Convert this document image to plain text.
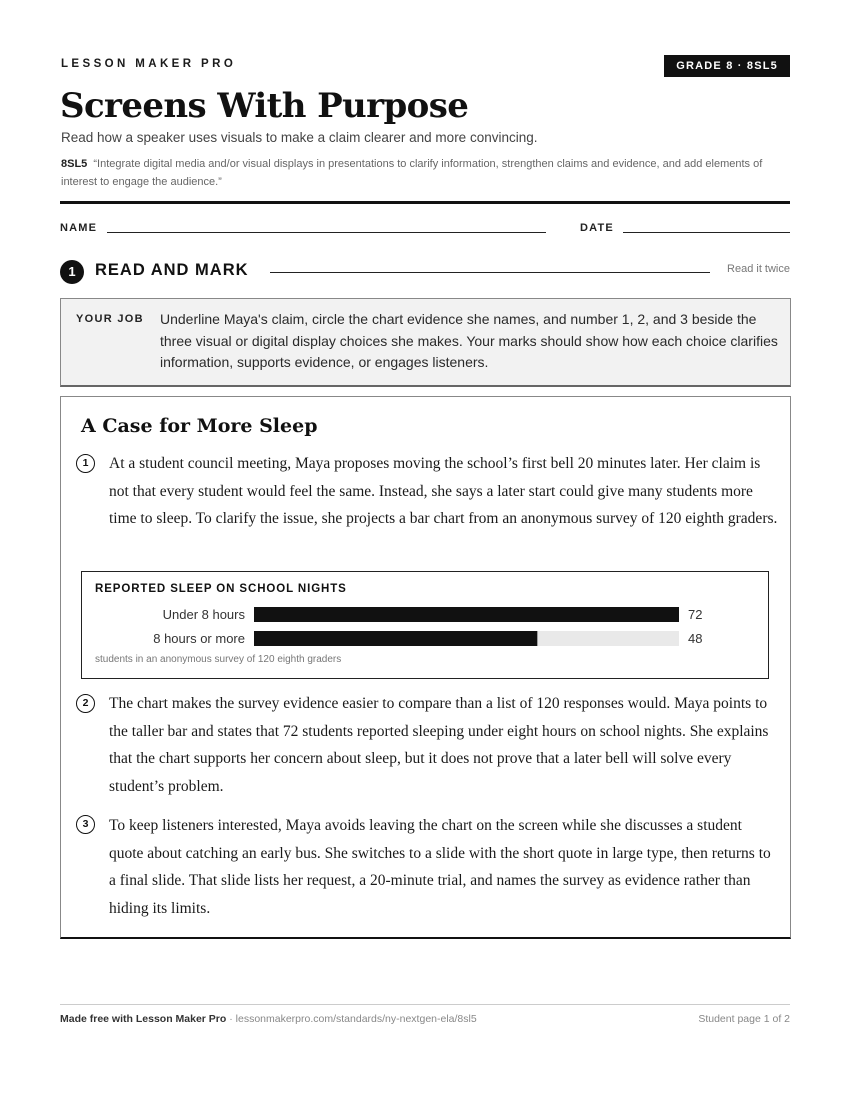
LESSON MAKER PRO	GRADE 8 · 8SL5
Screens With Purpose
Read how a speaker uses visuals to make a claim clearer and more convincing.
8SL5 “Integrate digital media and/or visual displays in presentations to clarify information, strengthen claims and evidence, and add elements of interest to engage the audience.”
NAME	DATE
1	READ AND MARK	Read it twice
YOUR JOB Underline Maya's claim, circle the chart evidence she names, and number 1, 2, and 3 beside the three visual or digital display choices she makes. Your marks should show how each choice clarifies information, supports evidence, or engages listeners.
A Case for More Sleep
1	At a student council meeting, Maya proposes moving the school’s first bell 20 minutes later. Her claim is not that every student would feel the same. Instead, she says a later start could give many students more time to sleep. To clarify the issue, she projects a bar chart from an anonymous survey of 120 eighth graders.
REPORTED SLEEP ON SCHOOL NIGHTS
Under 8 hours	72
8 hours or more	48
students in an anonymous survey of 120 eighth graders
2	The chart makes the survey evidence easier to compare than a list of 120 responses would. Maya points to the taller bar and states that 72 students reported sleeping under eight hours on school nights. She explains that the chart supports her concern about sleep, but it does not prove that a later bell will solve every student’s problem.
3	To keep listeners interested, Maya avoids leaving the chart on the screen while she discusses a student quote about catching an early bus. She switches to a slide with the short quote in large type, then returns to a final slide. That slide lists her request, a 20-minute trial, and names the survey as evidence rather than hiding its limits.
Made free with Lesson Maker Pro · lessonmakerpro.com/standards/ny-nextgen-ela/8sl5	Student page 1 of 2
